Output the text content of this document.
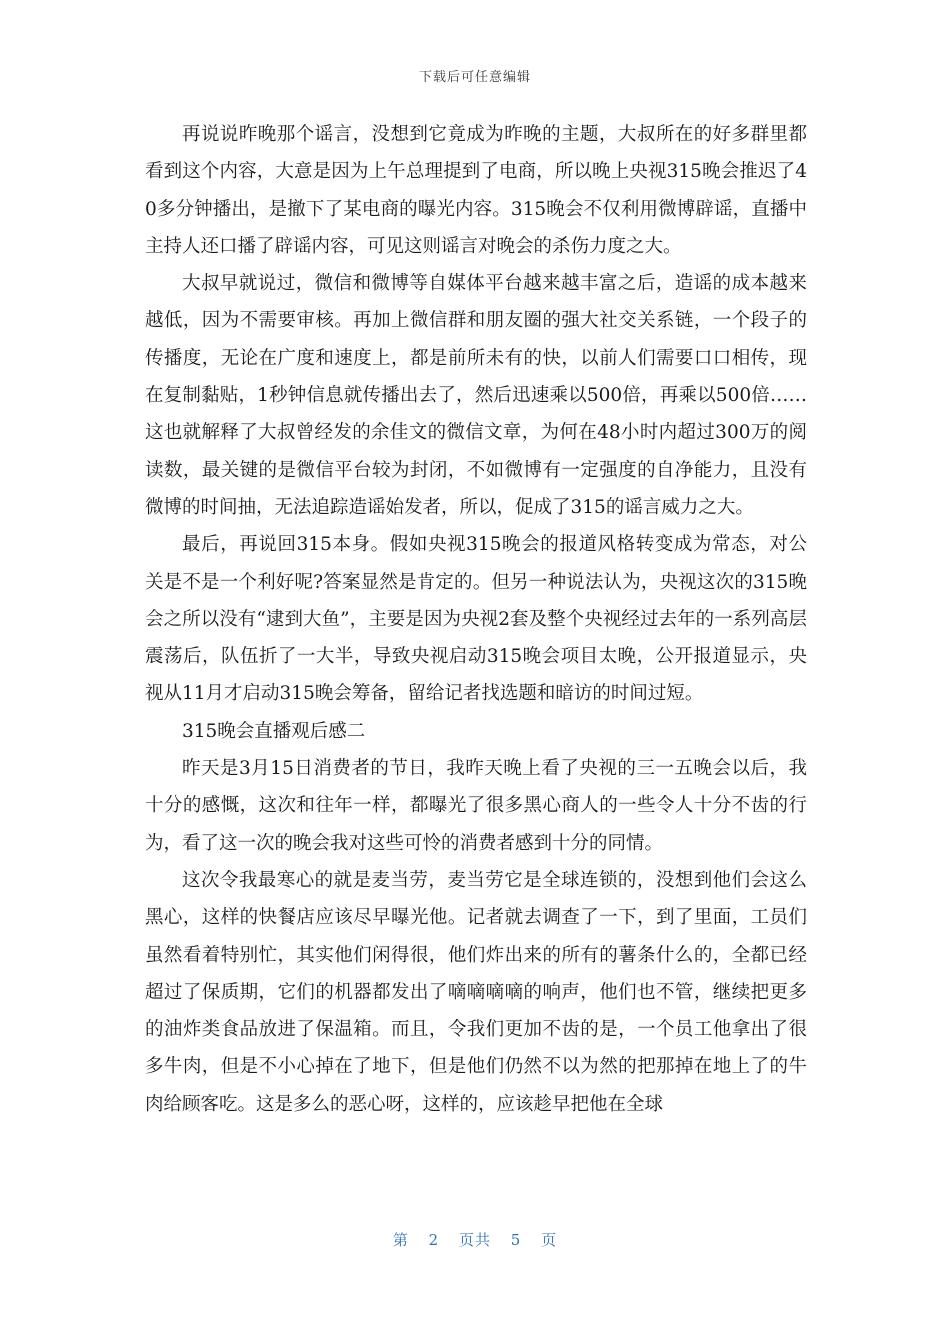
下载后可任意编辑

再说说昨晚那个谣言，没想到它竟成为昨晚的主题，大叔所在的好多群里都看到这个内容，大意是因为上午总理提到了电商，所以晚上央视315晚会推迟了40多分钟播出，是撤下了某电商的曝光内容。315晚会不仅利用微博辟谣，直播中主持人还口播了辟谣内容，可见这则谣言对晚会的杀伤力度之大。

大叔早就说过，微信和微博等自媒体平台越来越丰富之后，造谣的成本越来越低，因为不需要审核。再加上微信群和朋友圈的强大社交关系链，一个段子的传播度，无论在广度和速度上，都是前所未有的快，以前人们需要口口相传，现在复制黏贴，1秒钟信息就传播出去了，然后迅速乘以500倍，再乘以500倍……这也就解释了大叔曾经发的余佳文的微信文章，为何在48小时内超过300万的阅读数，最关键的是微信平台较为封闭，不如微博有一定强度的自净能力，且没有微博的时间抽，无法追踪造谣始发者，所以，促成了315的谣言威力之大。

最后，再说回315本身。假如央视315晚会的报道风格转变成为常态，对公关是不是一个利好呢?答案显然是肯定的。但另一种说法认为，央视这次的315晚会之所以没有“逮到大鱼”，主要是因为央视2套及整个央视经过去年的一系列高层震荡后，队伍折了一大半，导致央视启动315晚会项目太晚，公开报道显示，央视从11月才启动315晚会筹备，留给记者找选题和暗访的时间过短。

315晚会直播观后感二

昨天是3月15日消费者的节日，我昨天晚上看了央视的三一五晚会以后，我十分的感慨，这次和往年一样，都曝光了很多黑心商人的一些令人十分不齿的行为，看了这一次的晚会我对这些可怜的消费者感到十分的同情。

这次令我最寒心的就是麦当劳，麦当劳它是全球连锁的，没想到他们会这么黑心，这样的快餐店应该尽早曝光他。记者就去调查了一下，到了里面，工员们虽然看着特别忙，其实他们闲得很，他们炸出来的所有的薯条什么的，全都已经超过了保质期，它们的机器都发出了嘀嘀嘀嘀的响声，他们也不管，继续把更多的油炸类食品放进了保温箱。而且，令我们更加不齿的是，一个员工他拿出了很多牛肉，但是不小心掉在了地下，但是他们仍然不以为然的把那掉在地上了的牛肉给顾客吃。这是多么的恶心呀，这样的，应该趁早把他在全球

第 2 页共 5 页
